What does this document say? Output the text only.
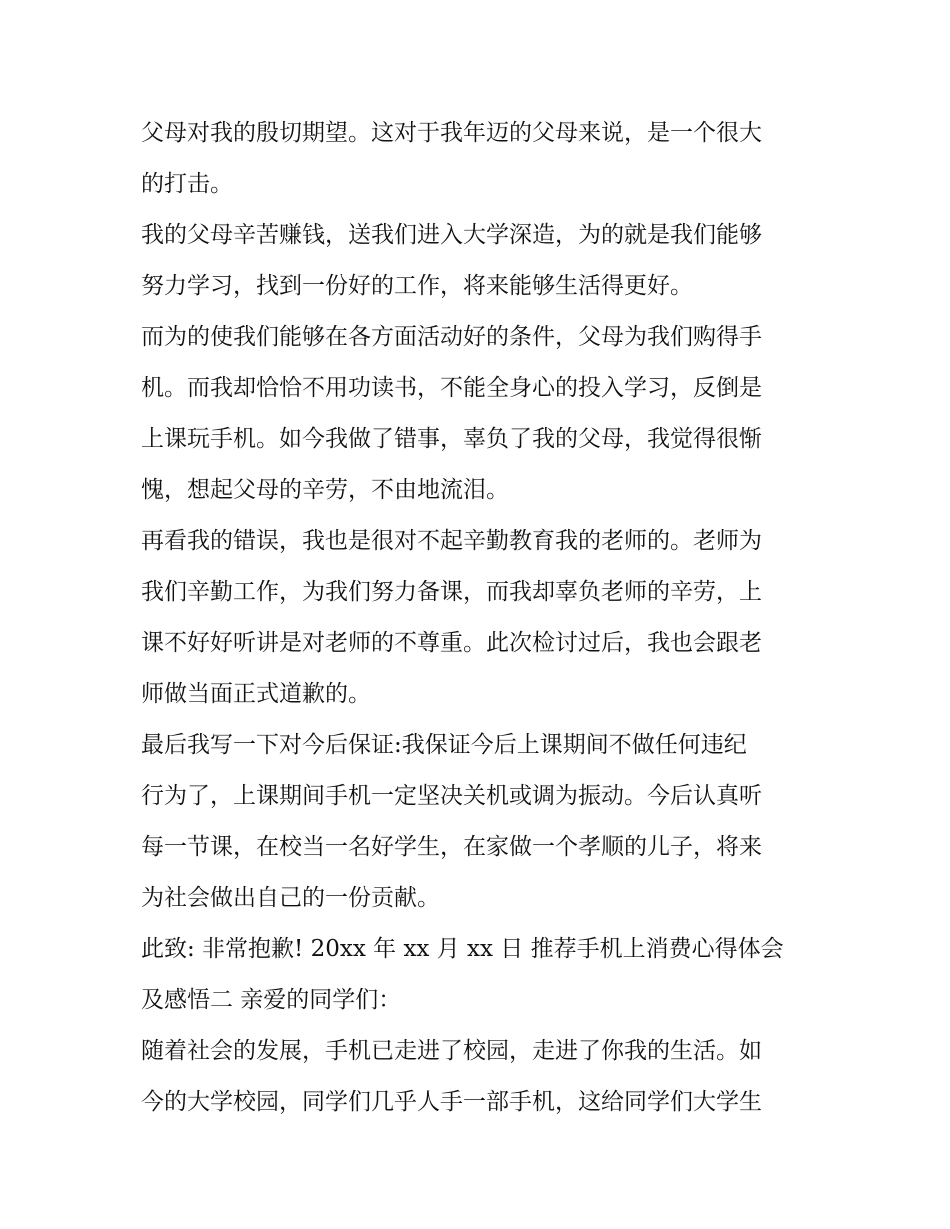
父母对我的殷切期望。这对于我年迈的父母来说，是一个很大
的打击。
我的父母辛苦赚钱，送我们进入大学深造，为的就是我们能够
努力学习，找到一份好的工作，将来能够生活得更好。
而为的使我们能够在各方面活动好的条件，父母为我们购得手
机。而我却恰恰不用功读书，不能全身心的投入学习，反倒是
上课玩手机。如今我做了错事，辜负了我的父母，我觉得很惭
愧，想起父母的辛劳，不由地流泪。
再看我的错误，我也是很对不起辛勤教育我的老师的。老师为
我们辛勤工作，为我们努力备课，而我却辜负老师的辛劳，上
课不好好听讲是对老师的不尊重。此次检讨过后，我也会跟老
师做当面正式道歉的。
最后我写一下对今后保证:我保证今后上课期间不做任何违纪
行为了，上课期间手机一定坚决关机或调为振动。今后认真听
每一节课，在校当一名好学生，在家做一个孝顺的儿子，将来
为社会做出自己的一份贡献。
此致: 非常抱歉! 20xx 年 xx 月 xx 日 推荐手机上消费心得体会
及感悟二 亲爱的同学们：
随着社会的发展，手机已走进了校园，走进了你我的生活。如
今的大学校园，同学们几乎人手一部手机，这给同学们大学生
